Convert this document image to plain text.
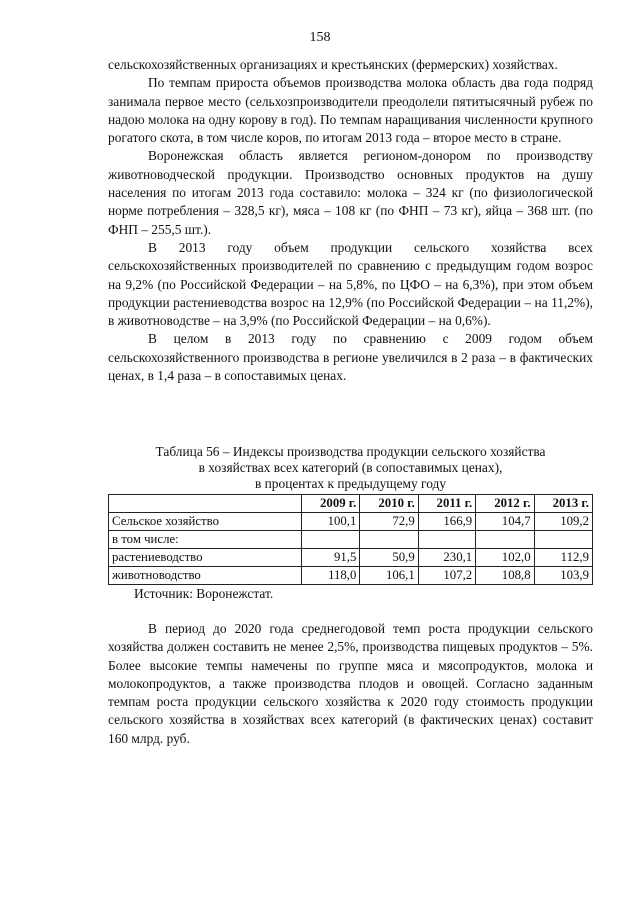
158

сельскохозяйственных организациях и крестьянских (фермерских) хозяйствах.

По темпам прироста объемов производства молока область два года подряд занимала первое место (сельхозпроизводители преодолели пятитысячный рубеж по надою молока на одну корову в год). По темпам наращивания численности крупного рогатого скота, в том числе коров, по итогам 2013 года – второе место в стране.

Воронежская область является регионом-донором по производству животноводческой продукции. Производство основных продуктов на душу населения по итогам 2013 года составило: молока – 324 кг (по физиологической норме потребления – 328,5 кг), мяса – 108 кг (по ФНП – 73 кг), яйца – 368 шт. (по ФНП – 255,5 шт.).

В 2013 году объем продукции сельского хозяйства всех сельскохозяйственных производителей по сравнению с предыдущим годом возрос на 9,2% (по Российской Федерации – на 5,8%, по ЦФО – на 6,3%), при этом объем продукции растениеводства возрос на 12,9% (по Российской Федерации – на 11,2%), в животноводстве – на 3,9% (по Российской Федерации – на 0,6%).

В целом в 2013 году по сравнению с 2009 годом объем сельскохозяйственного производства в регионе увеличился в 2 раза – в фактических ценах, в 1,4 раза – в сопоставимых ценах.

Таблица 56 – Индексы производства продукции сельского хозяйства
в хозяйствах всех категорий (в сопоставимых ценах),
в процентах к предыдущему году
	2009 г.	2010 г.	2011 г.	2012 г.	2013 г.
Сельское хозяйство	100,1	72,9	166,9	104,7	109,2
в том числе:					
растениеводство	91,5	50,9	230,1	102,0	112,9
животноводство	118,0	106,1	107,2	108,8	103,9
Источник: Воронежстат.

В период до 2020 года среднегодовой темп роста продукции сельского хозяйства должен составить не менее 2,5%, производства пищевых продуктов – 5%. Более высокие темпы намечены по группе мяса и мясопродуктов, молока и молокопродуктов, а также производства плодов и овощей. Согласно заданным темпам роста продукции сельского хозяйства к 2020 году стоимость продукции сельского хозяйства в хозяйствах всех категорий (в фактических ценах) составит 160 млрд. руб.
